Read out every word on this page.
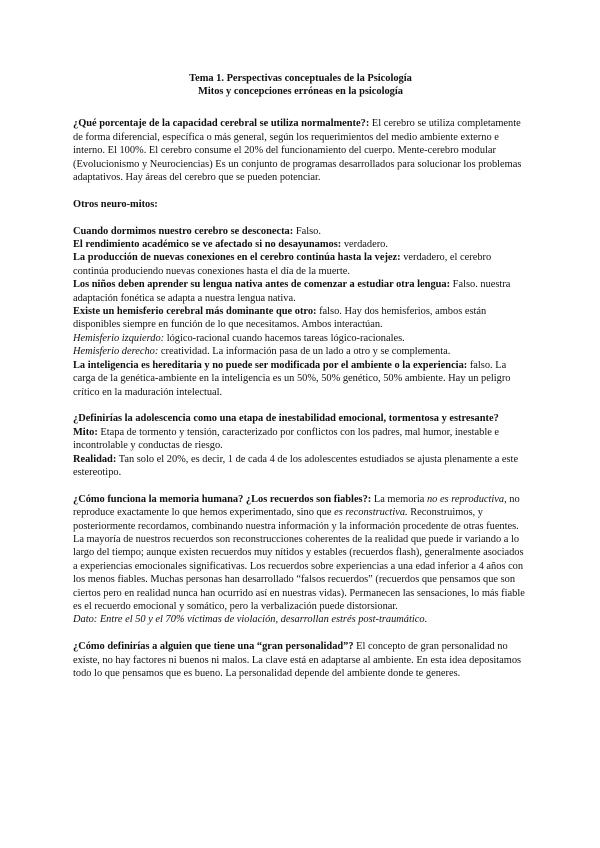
Tema 1. Perspectivas conceptuales de la Psicología

Mitos y concepciones erróneas en la psicología

¿Qué porcentaje de la capacidad cerebral se utiliza normalmente?: El cerebro se utiliza completamente de forma diferencial, específica o más general, según los requerimientos del medio ambiente externo e interno. El 100%. El cerebro consume el 20% del funcionamiento del cuerpo. Mente-cerebro modular (Evolucionismo y Neurociencias) Es un conjunto de programas desarrollados para solucionar los problemas adaptativos. Hay áreas del cerebro que se pueden potenciar.

Otros neuro-mitos:

Cuando dormimos nuestro cerebro se desconecta: Falso.

El rendimiento académico se ve afectado si no desayunamos: verdadero.

La producción de nuevas conexiones en el cerebro continúa hasta la vejez: verdadero, el cerebro continúa produciendo nuevas conexiones hasta el día de la muerte.

Los niños deben aprender su lengua nativa antes de comenzar a estudiar otra lengua: Falso. nuestra adaptación fonética se adapta a nuestra lengua nativa.

Existe un hemisferio cerebral más dominante que otro: falso. Hay dos hemisferios, ambos están disponibles siempre en función de lo que necesitamos. Ambos interactúan.

Hemisferio izquierdo: lógico-racional cuando hacemos tareas lógico-racionales.

Hemisferio derecho: creatividad. La información pasa de un lado a otro y se complementa.

La inteligencia es hereditaria y no puede ser modificada por el ambiente o la experiencia: falso. La carga de la genética-ambiente en la inteligencia es un 50%, 50% genético, 50% ambiente. Hay un peligro crítico en la maduración intelectual.

¿Definirías la adolescencia como una etapa de inestabilidad emocional, tormentosa y estresante?

Mito: Etapa de tormento y tensión, caracterizado por conflictos con los padres, mal humor, inestable e incontrolable y conductas de riesgo.

Realidad: Tan solo el 20%, es decir, 1 de cada 4 de los adolescentes estudiados se ajusta plenamente a este estereotipo.

¿Cómo funciona la memoria humana? ¿Los recuerdos son fiables?: La memoria no es reproductiva, no reproduce exactamente lo que hemos experimentado, sino que es reconstructiva. Reconstruimos, y posteriormente recordamos, combinando nuestra información y la información procedente de otras fuentes. La mayoría de nuestros recuerdos son reconstrucciones coherentes de la realidad que puede ir variando a lo largo del tiempo; aunque existen recuerdos muy nítidos y estables (recuerdos flash), generalmente asociados a experiencias emocionales significativas. Los recuerdos sobre experiencias a una edad inferior a 4 años con los menos fiables. Muchas personas han desarrollado “falsos recuerdos” (recuerdos que pensamos que son ciertos pero en realidad nunca han ocurrido así en nuestras vidas). Permanecen las sensaciones, lo más fiable es el recuerdo emocional y somático, pero la verbalización puede distorsionar.

Dato: Entre el 50 y el 70% víctimas de violación, desarrollan estrés post-traumático.

¿Cómo definirías a alguien que tiene una “gran personalidad”? El concepto de gran personalidad no existe, no hay factores ni buenos ni malos. La clave está en adaptarse al ambiente. En esta idea depositamos todo lo que pensamos que es bueno. La personalidad depende del ambiente donde te generes.
